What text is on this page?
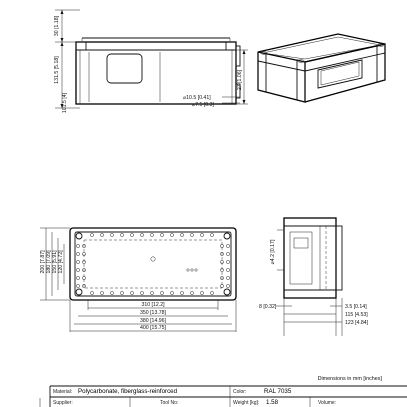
30 [1.18]
131.5 [5.18]
101.5 [4]
27 [1.06]
⌀10.5 [0.41]
⌀7.5 [0.3]
200 [7.87] 180 [7.09] 150 [5.91] 120 [4.72]
310 [12.2]
350 [13.78]
380 [14.96]
400 [15.75]
⌀4.2 [0.17]
8 [0.32]	3.5 [0.14]
115 [4.53]
123 [4.84]
Dimensions in mm [inches]
Material: Polycarbonate, fiberglass-reinforced	Color:	RAL 7035
Supplier:	Tool No:	Weight [kg]: 1.58	Volume:
